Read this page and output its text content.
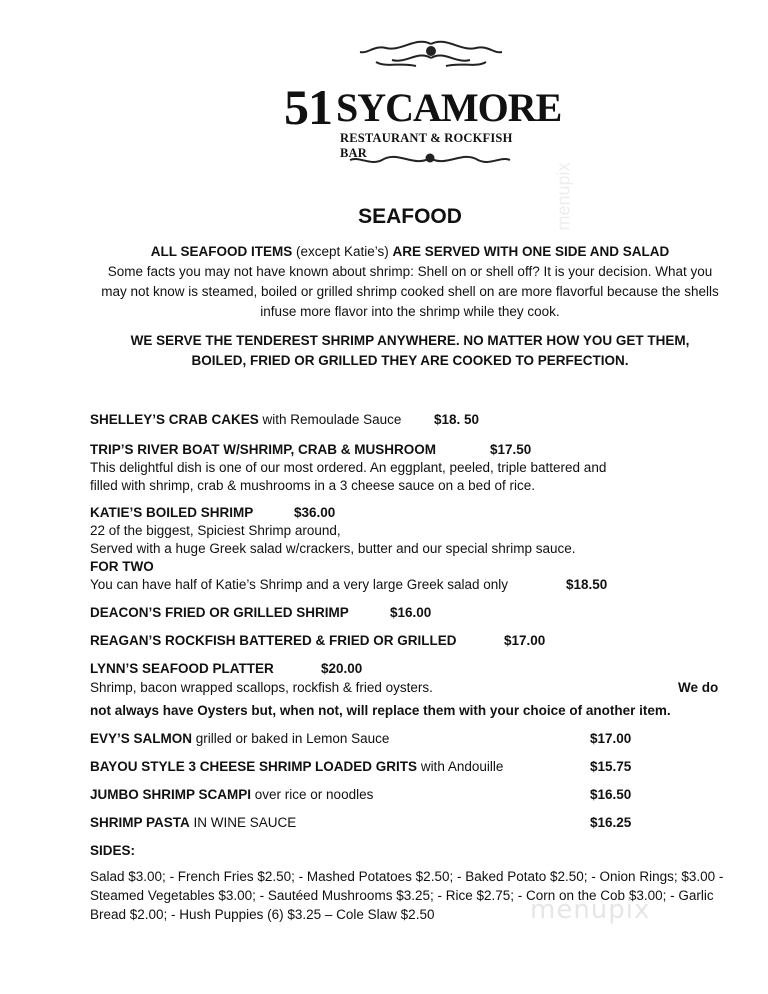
51 SYCAMORE
RESTAURANT & ROCKFISH BAR
menupix
SEAFOOD
ALL SEAFOOD ITEMS (except Katie’s) ARE SERVED WITH ONE SIDE AND SALAD
Some facts you may not have known about shrimp: Shell on or shell off? It is your decision. What you
may not know is steamed, boiled or grilled shrimp cooked shell on are more flavorful because the shells
infuse more flavor into the shrimp while they cook.
WE SERVE THE TENDEREST SHRIMP ANYWHERE. NO MATTER HOW YOU GET THEM,
BOILED, FRIED OR GRILLED THEY ARE COOKED TO PERFECTION.
SHELLEY’S CRAB CAKES with Remoulade Sauce $18. 50
TRIP’S RIVER BOAT W/SHRIMP, CRAB & MUSHROOM	$17.50
This delightful dish is one of our most ordered. An eggplant, peeled, triple battered and
filled with shrimp, crab & mushrooms in a 3 cheese sauce on a bed of rice.
KATIE’S BOILED SHRIMP	$36.00
22 of the biggest, Spiciest Shrimp around,
Served with a huge Greek salad w/crackers, butter and our special shrimp sauce.
FOR TWO
You can have half of Katie’s Shrimp and a very large Greek salad only	$18.50
DEACON’S FRIED OR GRILLED SHRIMP	$16.00
REAGAN’S ROCKFISH BATTERED & FRIED OR GRILLED	$17.00
LYNN’S SEAFOOD PLATTER	$20.00
Shrimp, bacon wrapped scallops, rockfish & fried oysters.	We do
not always have Oysters but, when not, will replace them with your choice of another item.
EVY’S SALMON grilled or baked in Lemon Sauce	$17.00
BAYOU STYLE 3 CHEESE SHRIMP LOADED GRITS with Andouille	$15.75
JUMBO SHRIMP SCAMPI over rice or noodles	$16.50
SHRIMP PASTA IN WINE SAUCE	$16.25
SIDES:
Salad $3.00; - French Fries $2.50; - Mashed Potatoes $2.50; - Baked Potato $2.50; - Onion Rings; $3.00 -
Steamed Vegetables $3.00; - Sautéed Mushrooms $3.25; - Rice $2.75; - Corn on the Cob $3.00; - Garlic
Bread $2.00; - Hush Puppies (6) $3.25 – Cole Slaw $2.50	menupix
